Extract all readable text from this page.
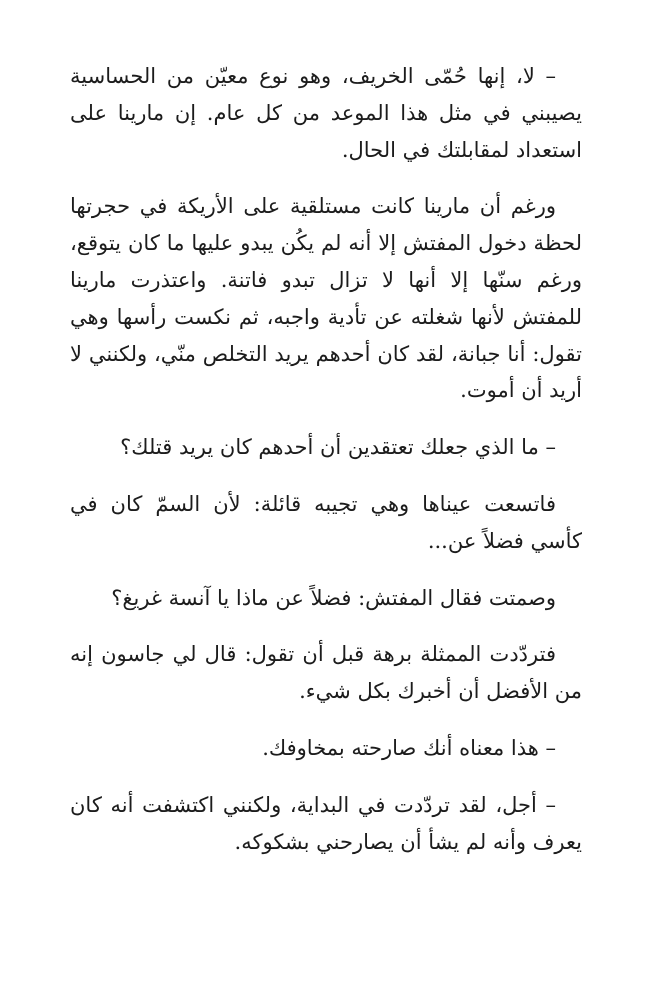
– لا، إنها حُمّى الخريف، وهو نوع معيّن من الحساسية يصيبني في مثل هذا الموعد من كل عام. إن مارينا على استعداد لمقابلتك في الحال.

ورغم أن مارينا كانت مستلقية على الأريكة في حجرتها لحظة دخول المفتش إلا أنه لم يكُن يبدو عليها ما كان يتوقع، ورغم سنّها إلا أنها لا تزال تبدو فاتنة. واعتذرت مارينا للمفتش لأنها شغلته عن تأدية واجبه، ثم نكست رأسها وهي تقول: أنا جبانة، لقد كان أحدهم يريد التخلص منّي، ولكنني لا أريد أن أموت.

– ما الذي جعلك تعتقدين أن أحدهم كان يريد قتلك؟

فاتسعت عيناها وهي تجيبه قائلة: لأن السمّ كان في كأسي فضلاً عن...

وصمتت فقال المفتش: فضلاً عن ماذا يا آنسة غريغ؟

فتردّدت الممثلة برهة قبل أن تقول: قال لي جاسون إنه من الأفضل أن أخبرك بكل شيء.

– هذا معناه أنك صارحته بمخاوفك.

– أجل، لقد تردّدت في البداية، ولكنني اكتشفت أنه كان يعرف وأنه لم يشأ أن يصارحني بشكوكه.
